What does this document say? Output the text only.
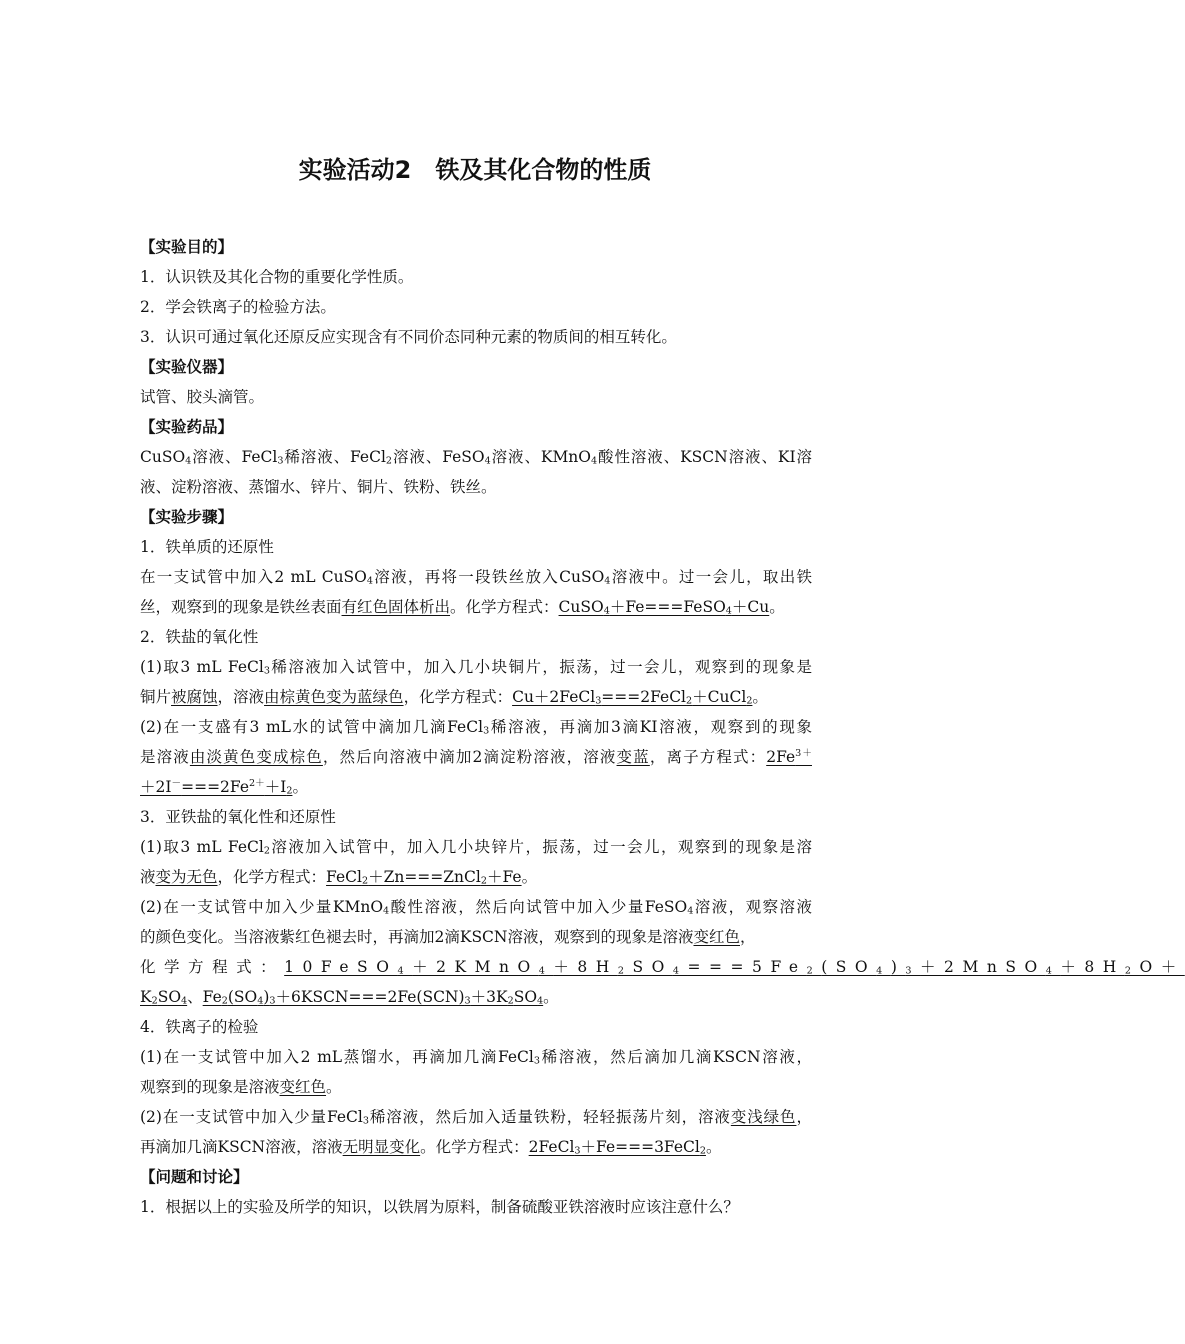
实验活动2　铁及其化合物的性质
【实验目的】
1．认识铁及其化合物的重要化学性质。
2．学会铁离子的检验方法。
3．认识可通过氧化还原反应实现含有不同价态同种元素的物质间的相互转化。
【实验仪器】
试管、胶头滴管。
【实验药品】
CuSO$_4$溶液、FeCl$_3$稀溶液、FeCl$_2$溶液、FeSO$_4$溶液、KMnO$_4$酸性溶液、KSCN溶液、KI溶
液、淀粉溶液、蒸馏水、锌片、铜片、铁粉、铁丝。
【实验步骤】
1．铁单质的还原性
在一支试管中加入2 mL CuSO$_4$溶液，再将一段铁丝放入CuSO$_4$溶液中。过一会儿，取出铁
丝，观察到的现象是铁丝表面有红色固体析出。化学方程式：CuSO$_4$＋Fe===FeSO$_4$＋Cu。
2．铁盐的氧化性
(1)取3 mL FeCl$_3$稀溶液加入试管中，加入几小块铜片，振荡，过一会儿，观察到的现象是
铜片被腐蚀，溶液由棕黄色变为蓝绿色，化学方程式：Cu＋2FeCl$_3$===2FeCl$_2$＋CuCl$_2$。
(2)在一支盛有3 mL水的试管中滴加几滴FeCl$_3$稀溶液，再滴加3滴KI溶液，观察到的现象
是溶液由淡黄色变成棕色，然后向溶液中滴加2滴淀粉溶液，溶液变蓝，离子方程式：$2Fe^{3+}$
$+2I^-===2Fe^{2+}+I_2$。
3．亚铁盐的氧化性和还原性
(1)取3 mL FeCl$_2$溶液加入试管中，加入几小块锌片，振荡，过一会儿，观察到的现象是溶
液变为无色，化学方程式：FeCl$_2$＋Zn===ZnCl$_2$＋Fe。
(2)在一支试管中加入少量KMnO$_4$酸性溶液，然后向试管中加入少量FeSO$_4$溶液，观察溶液
的颜色变化。当溶液紫红色褪去时，再滴加2滴KSCN溶液，观察到的现象是溶液变红色，
化学方程式：$10FeSO_4+2KMnO_4+8H_2SO_4===5Fe_2(SO_4)_3+2MnSO_4+8H_2O+$
$K_2SO_4$、$Fe_2(SO_4)_3+6KSCN===2Fe(SCN)_3+3K_2SO_4$。
4．铁离子的检验
(1)在一支试管中加入2 mL蒸馏水，再滴加几滴FeCl$_3$稀溶液，然后滴加几滴KSCN溶液，
观察到的现象是溶液变红色。
(2)在一支试管中加入少量FeCl$_3$稀溶液，然后加入适量铁粉，轻轻振荡片刻，溶液变浅绿色，
再滴加几滴KSCN溶液，溶液无明显变化。化学方程式：2FeCl$_3$＋Fe===3FeCl$_2$。
【问题和讨论】
1．根据以上的实验及所学的知识，以铁屑为原料，制备硫酸亚铁溶液时应该注意什么？
